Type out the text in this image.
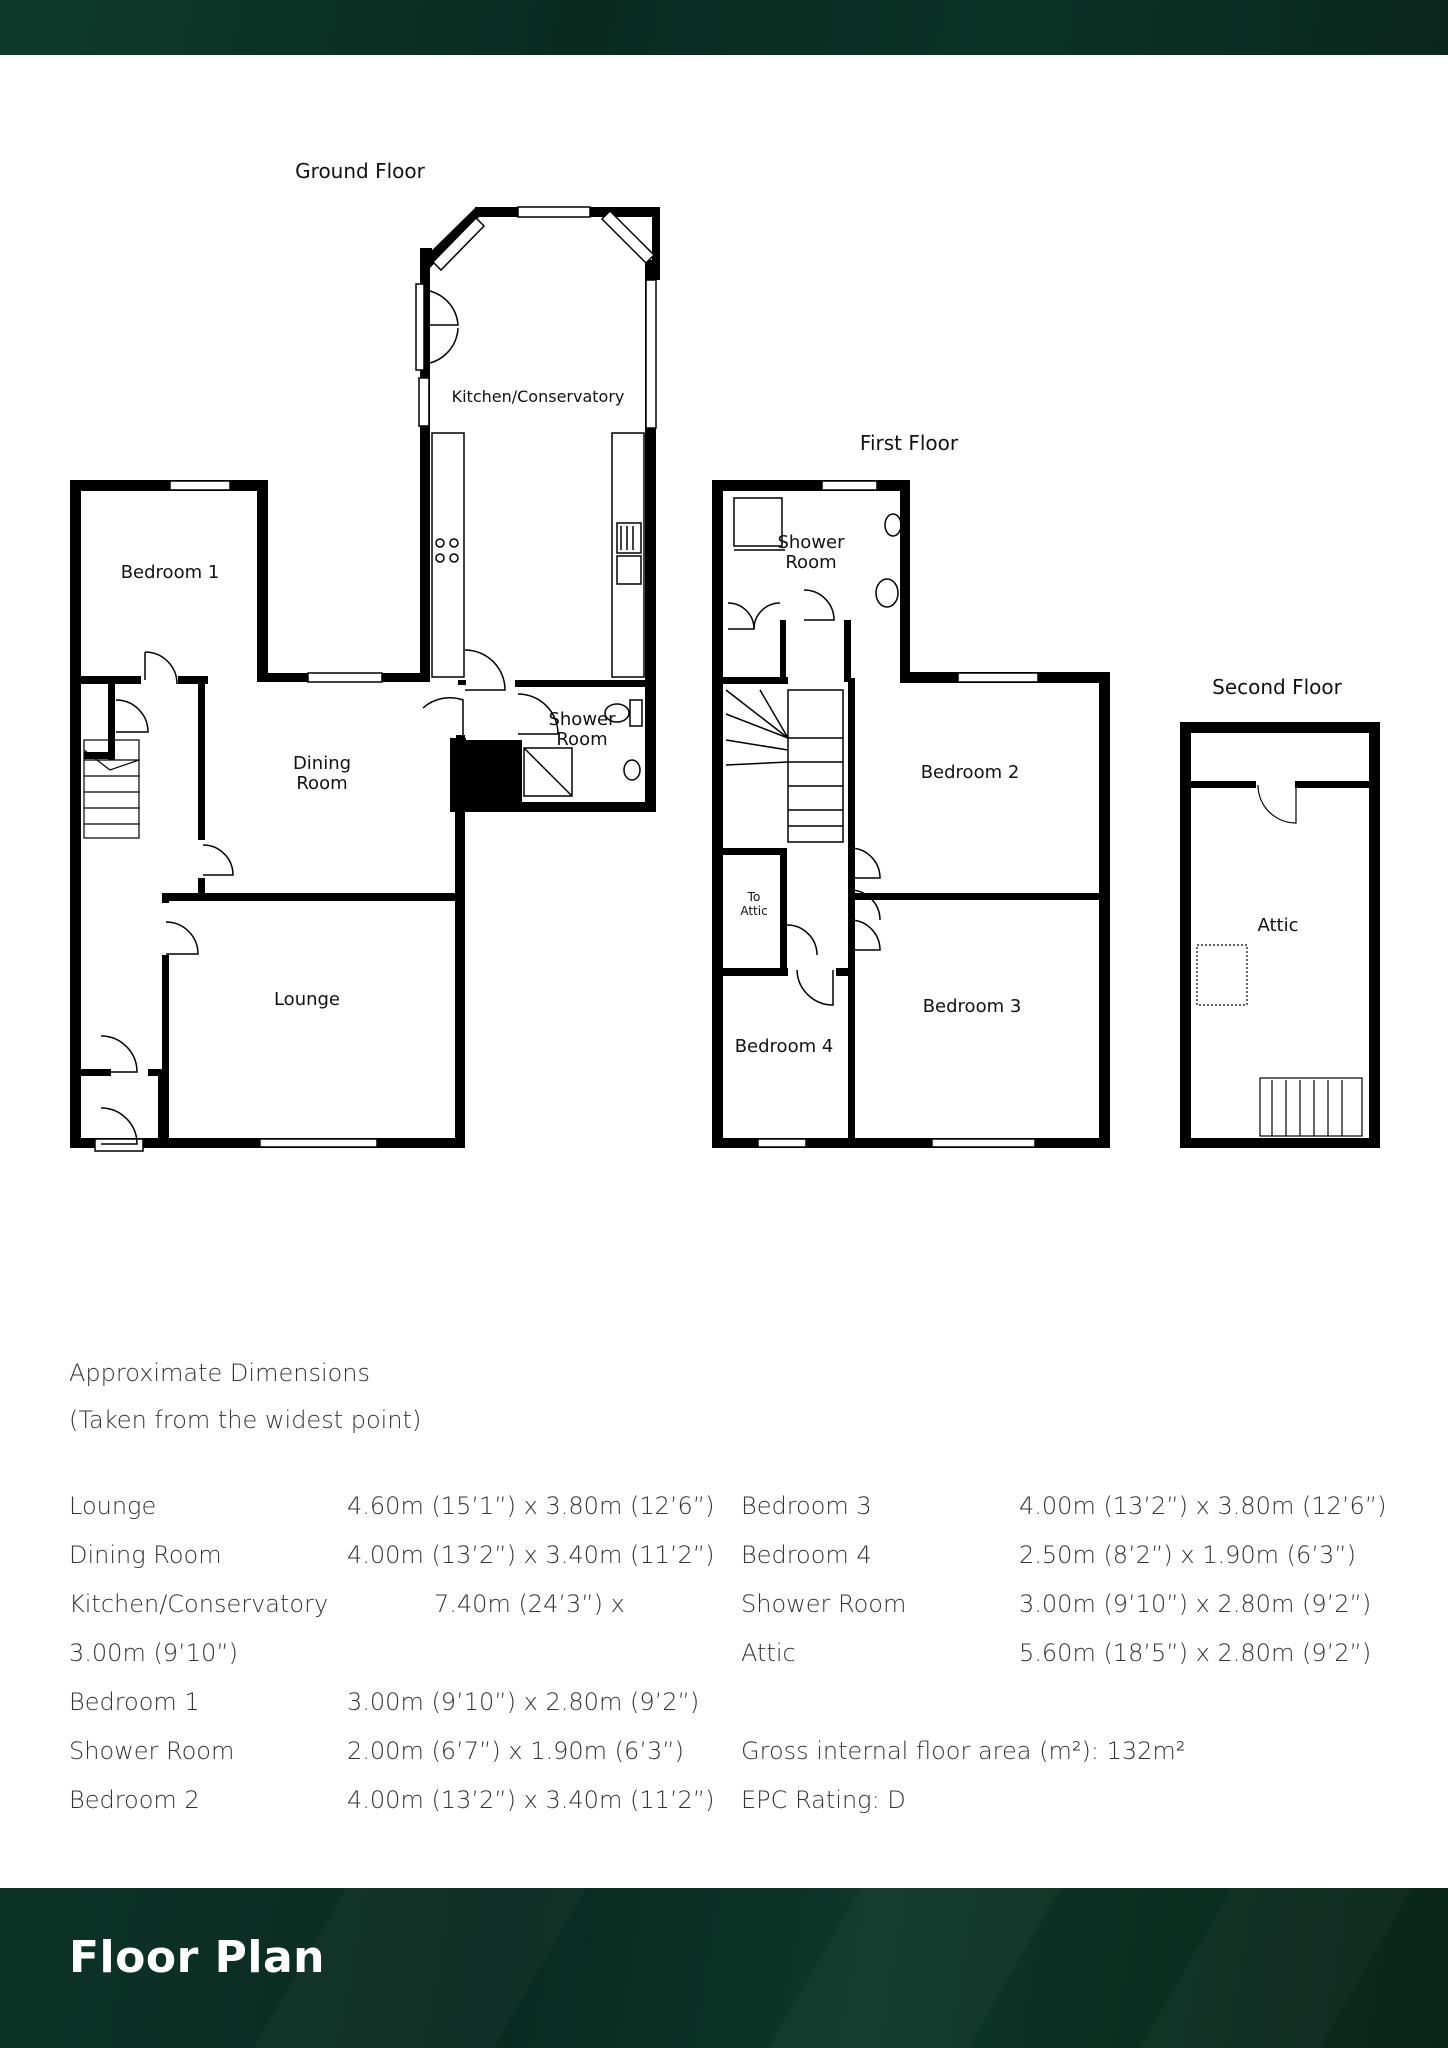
Ground Floor
Kitchen/Conservatory
Bedroom 1
Dining
Room
Shower
Room
Lounge
First Floor
Shower
Room
Bedroom 2
To
Attic
Bedroom 3
Bedroom 4
Second Floor
Attic
Approximate Dimensions
(Taken from the widest point)
Lounge	4.60m (15’1”) x 3.80m (12’6”)
Dining Room	4.00m (13’2”) x 3.40m (11’2”)
Kitchen/Conservatory	7.40m (24’3”) x
3.00m (9’10”)
Bedroom 1	3.00m (9’10”) x 2.80m (9’2”)
Shower Room	2.00m (6’7”) x 1.90m (6’3”)
Bedroom 2	4.00m (13’2”) x 3.40m (11’2”)
Bedroom 3	4.00m (13’2”) x 3.80m (12’6”)
Bedroom 4	2.50m (8’2”) x 1.90m (6’3”)
Shower Room	3.00m (9’10”) x 2.80m (9’2”)
Attic	5.60m (18’5”) x 2.80m (9’2”)
Gross internal floor area (m²): 132m²
EPC Rating: D
Floor Plan
